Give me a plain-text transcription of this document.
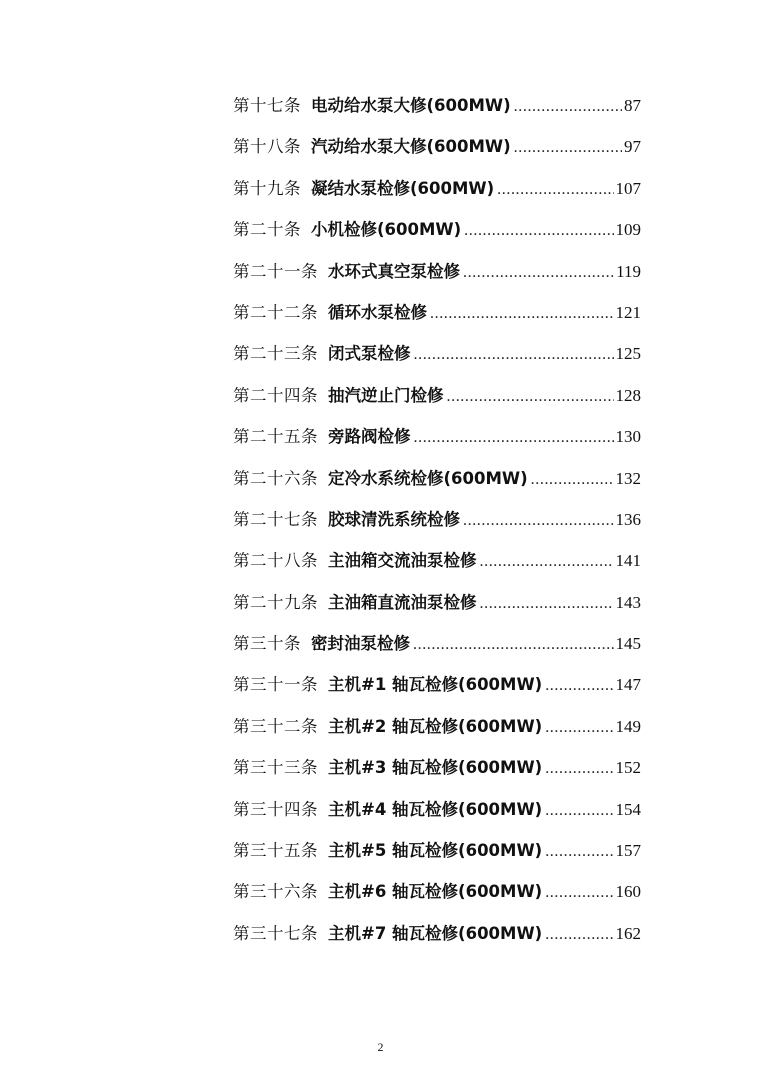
第十七条 电动给水泵大修(600MW) .....	87
第十八条 汽动给水泵大修(600MW) .....	97
第十九条 凝结水泵检修(600MW) .....	107
第二十条 小机检修(600MW) .....	109
第二十一条 水环式真空泵检修 .....	119
第二十二条 循环水泵检修 .....	121
第二十三条 闭式泵检修 .....	125
第二十四条 抽汽逆止门检修 .....	128
第二十五条 旁路阀检修 .....	130
第二十六条 定冷水系统检修(600MW) .....	132
第二十七条 胶球清洗系统检修 .....	136
第二十八条 主油箱交流油泵检修 .....	141
第二十九条 主油箱直流油泵检修 .....	143
第三十条 密封油泵检修 .....	145
第三十一条 主机#1 轴瓦检修(600MW) .....	147
第三十二条 主机#2 轴瓦检修(600MW) .....	149
第三十三条 主机#3 轴瓦检修(600MW) .....	152
第三十四条 主机#4 轴瓦检修(600MW) .....	154
第三十五条 主机#5 轴瓦检修(600MW) .....	157
第三十六条 主机#6 轴瓦检修(600MW) .....	160
第三十七条 主机#7 轴瓦检修(600MW) .....	162
2
